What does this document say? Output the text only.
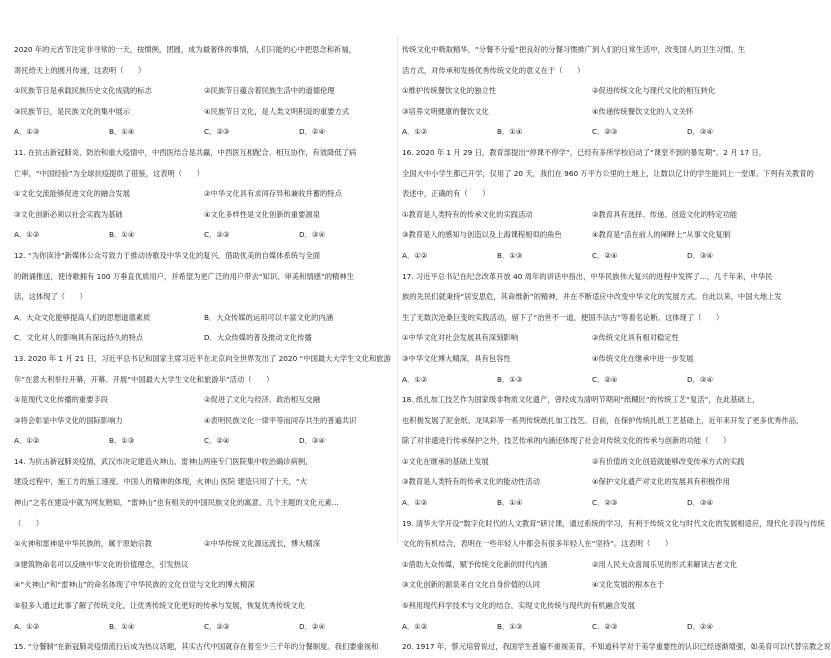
2020 年的元宵节注定非寻常的一天，按惯例，团圆，成为最奢侈的事情，人们只能的心中把思念和祈福，
寄托给天上的圆月传递，这表明（　　）
①民族节日是承载民族历史文化成就的标志	②民族节日蕴含着民族生活中的道德伦理
③民族节日，是民族文化的集中展示	④民族节日文化，是人类文明积淀的重要方式
A．①③	B．①④	C．②③	D．②④
11. 在抗击新冠肺炎、防治和重大疫情中，中西医结合是共赢，中西医互相配合、相互协作，有效降低了病
亡率，“中国经验”为全球抗疫提供了借鉴，这表明（　　）
①文化交流能够促进文化的融合发展	②中华文化具有求同存异和兼收并蓄的特点
③文化创新必须以社会实践为基础	④文化多样性是文化创新的重要源泉
A．①②	B．①④	C．②③	D．③④
12. “为你读诗”新媒体公众号致力于推动诗歌及中华文化的复兴，借助优美的自媒体系统与全面
的朗诵推送，使诗歌拥有 100 万垂直优质用户，并希望为更广泛的用户带去“知识、审美和情感”的精神生
活，这体现了（　　）
A．大众文化能够提高人们的思想道德素质	B．大众传媒的运用可以丰富文化的内涵
C．文化对人的影响具有深远持久的特点	D．大众传媒的普及推动文化传播
13. 2020 年 1 月 21 日，习近平总书记和国家主席习近平在北京向全世界发出了 2020 “中国最大大学生文化和旅游
年”在意大利举行开幕，开幕。开展“中国最大大学生文化和旅游年”活动（　　）
①是现代文化传播的重要手段	②促进了文化与经济、政治相互交融
③将会彰显中华文化的国际影响力	④表明民族文化一律平等而同存共生的普遍共识
A．①②	B．①③	C．②④	D．③④
14. 为抗击新冠肺炎疫情，武汉市决定建造火神山、雷神山两座专门医院集中收治确诊病例，
建设过程中，施工方的施工速度、中国人的精神的体现，火神山 医院 建造只用了十天，“火
神山”之名在建设中就为网友熟知，“雷神山”也有相关的中国民族文化的寓意。几个主题的文化元素...
（　　）
①火神和雷神是中华民族的，属于原始宗教	②中华传统文化源远流长，博大精深
③建筑物命名可以反映中华文化的价值理念，引发热议
④“火神山”和“雷神山”的命名体现了中华民族的文化自觉与文化的博大精深
⑤很多人通过此事了解了传统文化，让优秀传统文化更好的传承与发展，恢复优秀传统文化
A．①②	B．①④	C．②③	D．②④
15. “分餐制”在新冠肺炎疫情流行后成为热议话题，其实古代中国就存在着至少三千年的分餐制度。我们要重视和
传统文化中吸取精华，“分餐不分爱”把良好的分餐习惯推广到人们的日常生活中，改变国人的卫生习惯、生
活方式，对传承和发扬优秀传统文化的意义在于（　　）
①维护传统餐饮文化的独立性	②促进传统文化与现代文化的相互转化
③培养文明健康的餐饮文化	④传递传统餐饮文化的人文关怀
A．①②	B．①④	C．②③	D．③④
16. 2020 年 1 月 29 日，教育部提出“停课不停学”，已经有多所学校启动了“课堂不到的暴发期”。2 月 17 日，
全国大中小学生都已开学，仅用了 20 天，我们在 960 万平方公里的土地上，让数以亿计的学生能同上一堂课。下列有关教育的
表述中，正确的有（　　）
①教育是人类特有的传承文化的实践活动	②教育具有选择、传递、创造文化的特定功能
③教育是人的感知与创造以及上海课程相似的角色	④教育是“活在前人的阐释上”从事文化复制
A．①②	B．①③	C．②④	D．③④
17. 习近平总书记在纪念改革开放 40 周年的讲话中指出，中华民族伟大复兴的进程中发挥了...，几千年来，中华民
族的先民们就秉持“居安思危，其命维新”的精神，并在不断适应中改变中华文化的发展方式。自此以来，中国大地上发
生了无数次沧桑巨变的实践活动，留下了“治世不一道，便国不法古”等着名论断。这体现了（　　）
①中华文化对社会发展具有深刻影响	②传统文化具有相对稳定性
③中华文化博大精深，具有包容性	④传统文化在继承中进一步发展
A．①②	B．①③	C．②④	D．③④
18. 纸扎加工技艺作为国家级非物质文化遗产，曾经成为清明节期间“纸糊匠”的传统工艺“复活”，在此基础上，
也积极发展了泥金纸、龙凤彩等一系列传统纸扎加工技艺。目前，在保护传统扎纸工艺基础上，近年来开发了更多优秀作品，
除了对非遗进行传承保护之外，技艺传承的内涵还体现了社会对传统文化的传承与创新的功能（　　）
①文化在继承的基础上发展	②有价值的文化创造就能够改变传承方式的实践
③教育是人类特有的传承文化的能动性活动	④保护文化遗产对文化的发展具有积极作用
A．①②	B．①④	C．②③	D．③④
19. 清华大学开设“数字化时代的人文教育”研讨课，通过系统的学习，有利于传统文化与时代文化的发展相适应，现代化手段与传统
文化的有机结合，表明在一些年轻人中都会有很多年轻人在“坚持”。这表明（　　）
①借助大众传媒，赋予传统文化新的时代内涵	②用人民大众喜闻乐见的形式来解读古老文化
③文化创新的源泉来自文化自身价值的认同	④文化发展的根本在于
⑤利用现代科学技术与文化的结合，实现文化传统与现代的有机融合发展
A．①②	B．①③	C．②③	D．②④
20. 1917 年，蔡元培曾说过，我国学生普遍不重视美育，不知道科学对于美学重要性的认识已经逐渐增强，如美育可以代替宗教之说
